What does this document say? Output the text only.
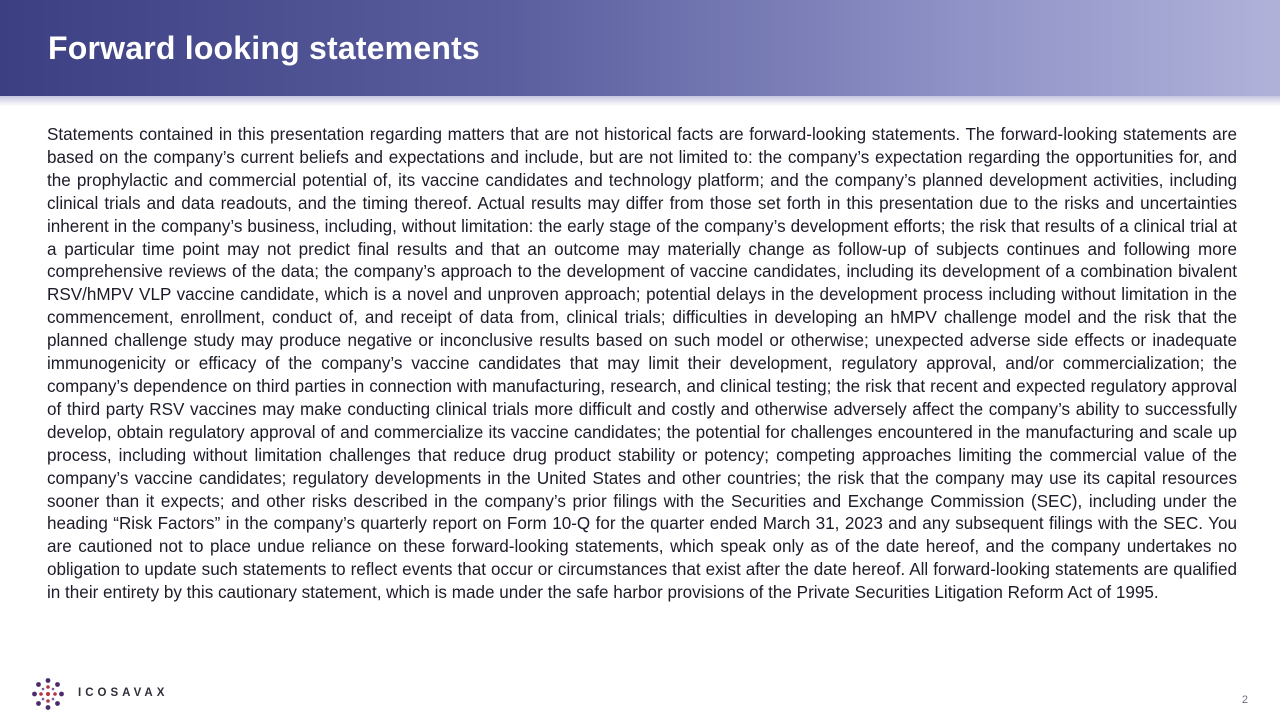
Forward looking statements

Statements contained in this presentation regarding matters that are not historical facts are forward-looking statements. The forward-looking statements are based on the company’s current beliefs and expectations and include, but are not limited to: the company’s expectation regarding the opportunities for, and the prophylactic and commercial potential of, its vaccine candidates and technology platform; and the company’s planned development activities, including clinical trials and data readouts, and the timing thereof. Actual results may differ from those set forth in this presentation due to the risks and uncertainties inherent in the company’s business, including, without limitation: the early stage of the company’s development efforts; the risk that results of a clinical trial at a particular time point may not predict final results and that an outcome may materially change as follow-up of subjects continues and following more comprehensive reviews of the data; the company’s approach to the development of vaccine candidates, including its development of a combination bivalent RSV/hMPV VLP vaccine candidate, which is a novel and unproven approach; potential delays in the development process including without limitation in the commencement, enrollment, conduct of, and receipt of data from, clinical trials; difficulties in developing an hMPV challenge model and the risk that the planned challenge study may produce negative or inconclusive results based on such model or otherwise; unexpected adverse side effects or inadequate immunogenicity or efficacy of the company’s vaccine candidates that may limit their development, regulatory approval, and/or commercialization; the company’s dependence on third parties in connection with manufacturing, research, and clinical testing; the risk that recent and expected regulatory approval of third party RSV vaccines may make conducting clinical trials more difficult and costly and otherwise adversely affect the company’s ability to successfully develop, obtain regulatory approval of and commercialize its vaccine candidates; the potential for challenges encountered in the manufacturing and scale up process, including without limitation challenges that reduce drug product stability or potency; competing approaches limiting the commercial value of the company’s vaccine candidates; regulatory developments in the United States and other countries; the risk that the company may use its capital resources sooner than it expects; and other risks described in the company’s prior filings with the Securities and Exchange Commission (SEC), including under the heading “Risk Factors” in the company’s quarterly report on Form 10-Q for the quarter ended March 31, 2023 and any subsequent filings with the SEC. You are cautioned not to place undue reliance on these forward-looking statements, which speak only as of the date hereof, and the company undertakes no obligation to update such statements to reflect events that occur or circumstances that exist after the date hereof. All forward-looking statements are qualified in their entirety by this cautionary statement, which is made under the safe harbor provisions of the Private Securities Litigation Reform Act of 1995.

ICOSAVAX
2
